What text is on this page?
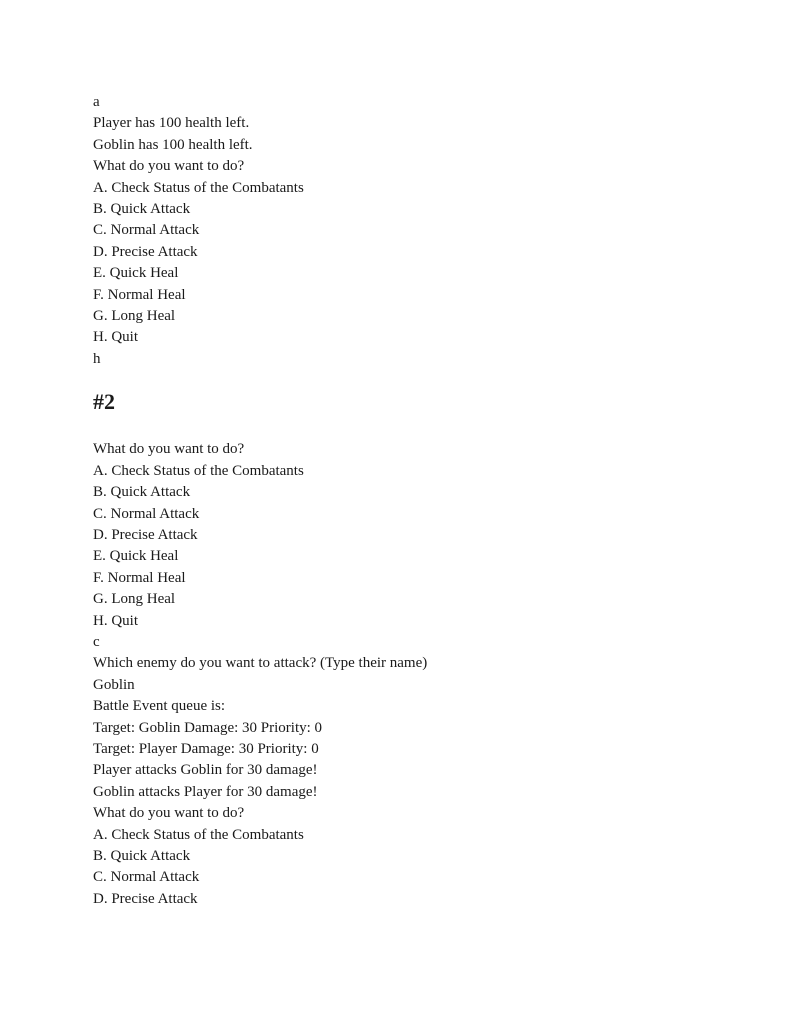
a

Player has 100 health left.

Goblin has 100 health left.

What do you want to do?

A. Check Status of the Combatants

B. Quick Attack

C. Normal Attack

D. Precise Attack

E. Quick Heal

F. Normal Heal

G. Long Heal

H. Quit

h

#2

What do you want to do?

A. Check Status of the Combatants

B. Quick Attack

C. Normal Attack

D. Precise Attack

E. Quick Heal

F. Normal Heal

G. Long Heal

H. Quit

c

Which enemy do you want to attack? (Type their name)

Goblin

Battle Event queue is:

Target: Goblin Damage: 30 Priority: 0

Target: Player Damage: 30 Priority: 0

Player attacks Goblin for 30 damage!

Goblin attacks Player for 30 damage!

What do you want to do?

A. Check Status of the Combatants

B. Quick Attack

C. Normal Attack

D. Precise Attack
